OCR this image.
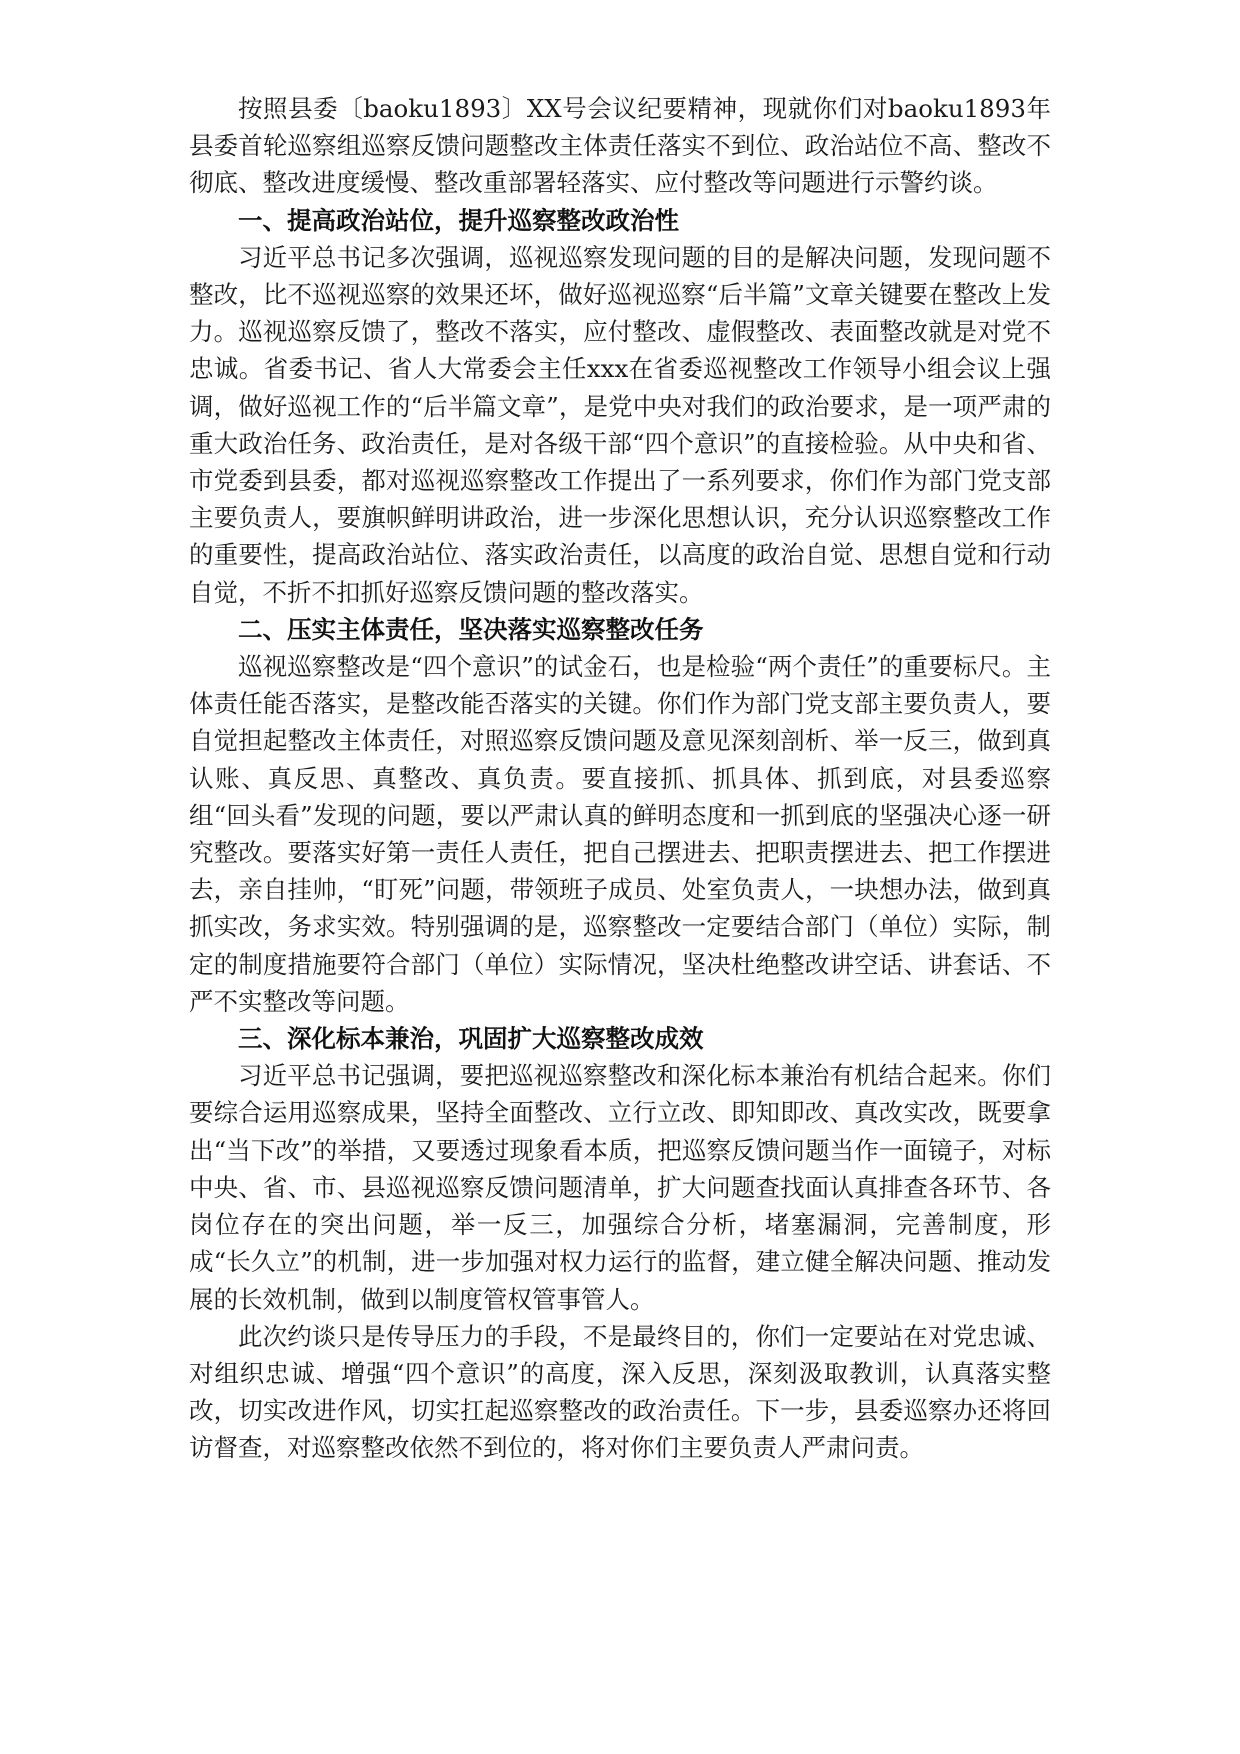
按照县委〔baoku1893〕XX号会议纪要精神，现就你们对baoku1893年县委首轮巡察组巡察反馈问题整改主体责任落实不到位、政治站位不高、整改不彻底、整改进度缓慢、整改重部署轻落实、应付整改等问题进行示警约谈。

一、提高政治站位，提升巡察整改政治性

习近平总书记多次强调，巡视巡察发现问题的目的是解决问题，发现问题不整改，比不巡视巡察的效果还坏，做好巡视巡察“后半篇”文章关键要在整改上发力。巡视巡察反馈了，整改不落实，应付整改、虚假整改、表面整改就是对党不忠诚。省委书记、省人大常委会主任xxx在省委巡视整改工作领导小组会议上强调，做好巡视工作的“后半篇文章”，是党中央对我们的政治要求，是一项严肃的重大政治任务、政治责任，是对各级干部“四个意识”的直接检验。从中央和省、市党委到县委，都对巡视巡察整改工作提出了一系列要求，你们作为部门党支部主要负责人，要旗帜鲜明讲政治，进一步深化思想认识，充分认识巡察整改工作的重要性，提高政治站位、落实政治责任，以高度的政治自觉、思想自觉和行动自觉，不折不扣抓好巡察反馈问题的整改落实。

二、压实主体责任，坚决落实巡察整改任务

巡视巡察整改是“四个意识”的试金石，也是检验“两个责任”的重要标尺。主体责任能否落实，是整改能否落实的关键。你们作为部门党支部主要负责人，要自觉担起整改主体责任，对照巡察反馈问题及意见深刻剖析、举一反三，做到真认账、真反思、真整改、真负责。要直接抓、抓具体、抓到底，对县委巡察组“回头看”发现的问题，要以严肃认真的鲜明态度和一抓到底的坚强决心逐一研究整改。要落实好第一责任人责任，把自己摆进去、把职责摆进去、把工作摆进去，亲自挂帅，“盯死”问题，带领班子成员、处室负责人，一块想办法，做到真抓实改，务求实效。特别强调的是，巡察整改一定要结合部门（单位）实际，制定的制度措施要符合部门（单位）实际情况，坚决杜绝整改讲空话、讲套话、不严不实整改等问题。

三、深化标本兼治，巩固扩大巡察整改成效

习近平总书记强调，要把巡视巡察整改和深化标本兼治有机结合起来。你们要综合运用巡察成果，坚持全面整改、立行立改、即知即改、真改实改，既要拿出“当下改”的举措，又要透过现象看本质，把巡察反馈问题当作一面镜子，对标中央、省、市、县巡视巡察反馈问题清单，扩大问题查找面认真排查各环节、各岗位存在的突出问题，举一反三，加强综合分析，堵塞漏洞，完善制度，形成“长久立”的机制，进一步加强对权力运行的监督，建立健全解决问题、推动发展的长效机制，做到以制度管权管事管人。

此次约谈只是传导压力的手段，不是最终目的，你们一定要站在对党忠诚、对组织忠诚、增强“四个意识”的高度，深入反思，深刻汲取教训，认真落实整改，切实改进作风，切实扛起巡察整改的政治责任。下一步，县委巡察办还将回访督查，对巡察整改依然不到位的，将对你们主要负责人严肃问责。
